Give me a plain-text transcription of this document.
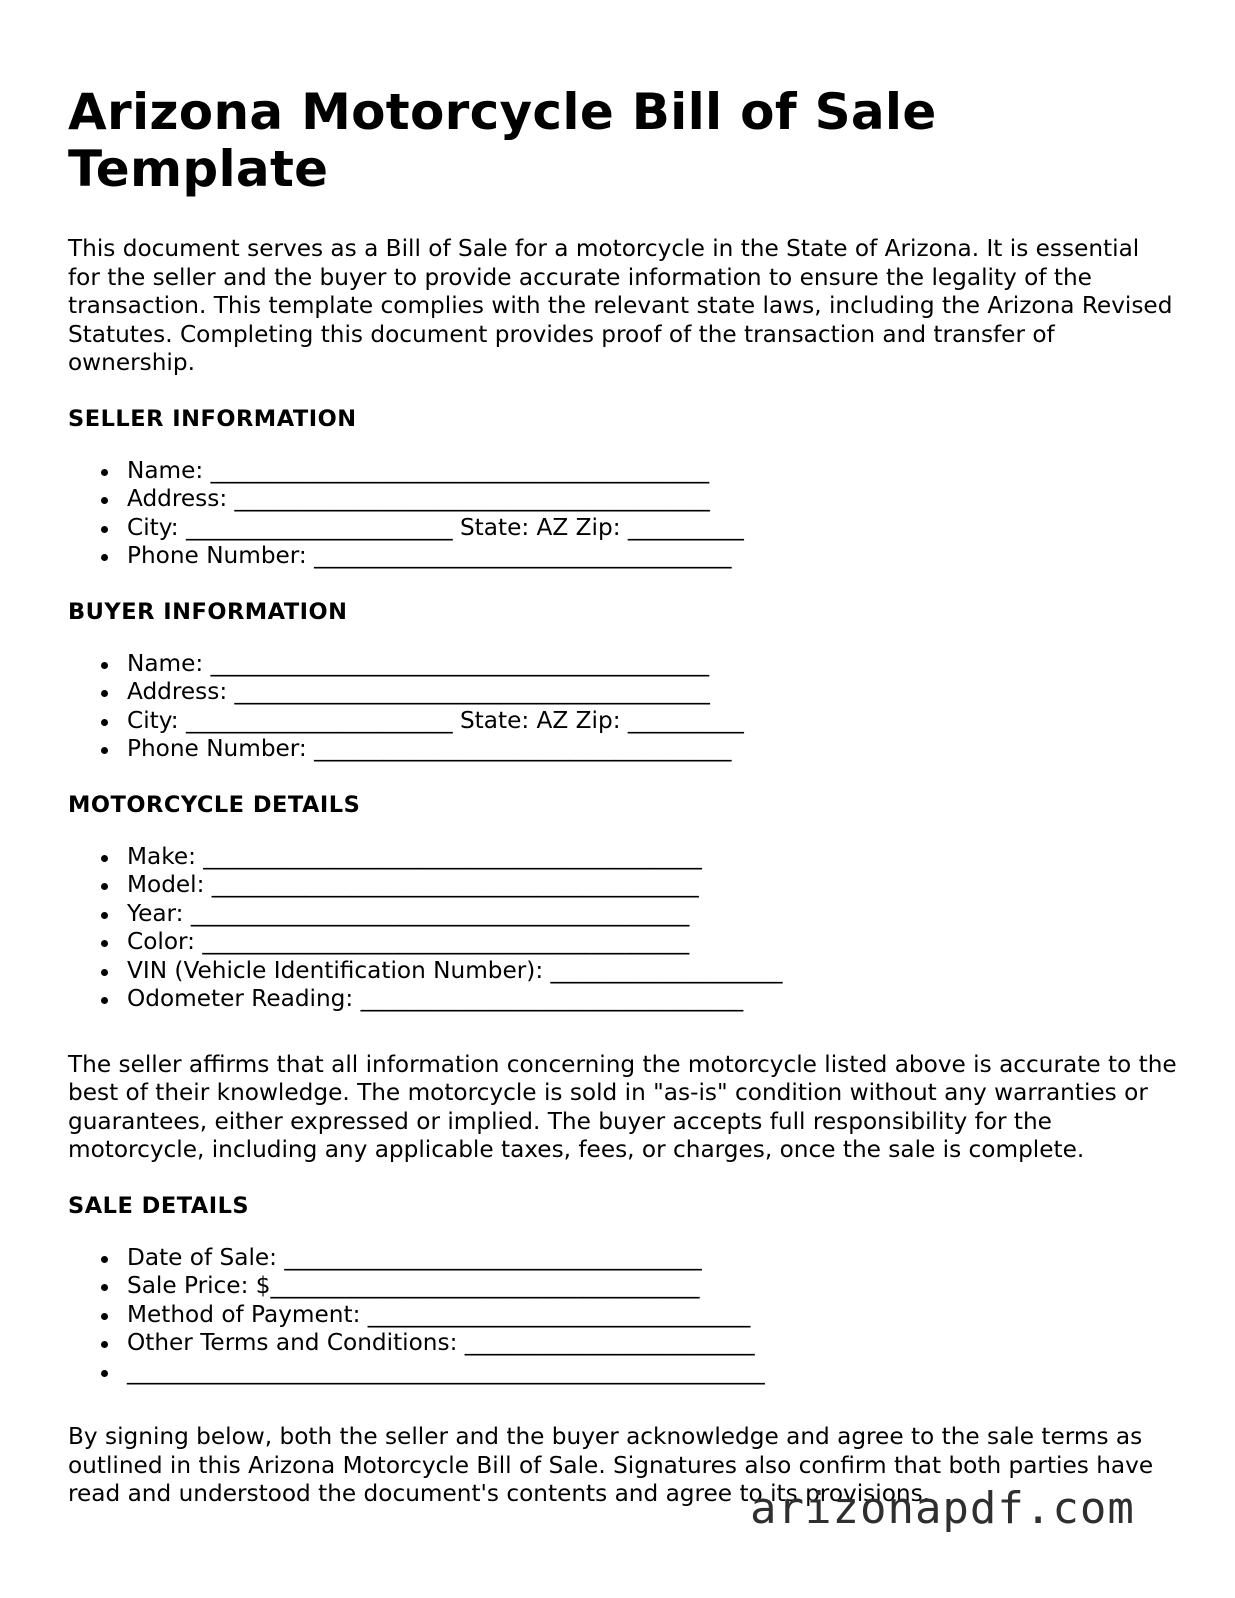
Arizona Motorcycle Bill of Sale Template

This document serves as a Bill of Sale for a motorcycle in the State of Arizona. It is essential for the seller and the buyer to provide accurate information to ensure the legality of the transaction. This template complies with the relevant state laws, including the Arizona Revised Statutes. Completing this document provides proof of the transaction and transfer of ownership.

SELLER INFORMATION
Name: ___________________________________________
Address: _________________________________________
City: _______________________ State: AZ Zip: __________
Phone Number: ____________________________________
BUYER INFORMATION
Name: ___________________________________________
Address: _________________________________________
City: _______________________ State: AZ Zip: __________
Phone Number: ____________________________________
MOTORCYCLE DETAILS
Make: ___________________________________________
Model: __________________________________________
Year: ___________________________________________
Color: __________________________________________
VIN (Vehicle Identification Number): ____________________
Odometer Reading: _________________________________

The seller affirms that all information concerning the motorcycle listed above is accurate to the best of their knowledge. The motorcycle is sold in "as-is" condition without any warranties or guarantees, either expressed or implied. The buyer accepts full responsibility for the motorcycle, including any applicable taxes, fees, or charges, once the sale is complete.

SALE DETAILS
Date of Sale: ____________________________________
Sale Price: $_____________________________________
Method of Payment: _________________________________
Other Terms and Conditions: _________________________
_______________________________________________________

By signing below, both the seller and the buyer acknowledge and agree to the sale terms as outlined in this Arizona Motorcycle Bill of Sale. Signatures also confirm that both parties have read and understood the document's contents and agree to its provisions.

arizonapdf.com
